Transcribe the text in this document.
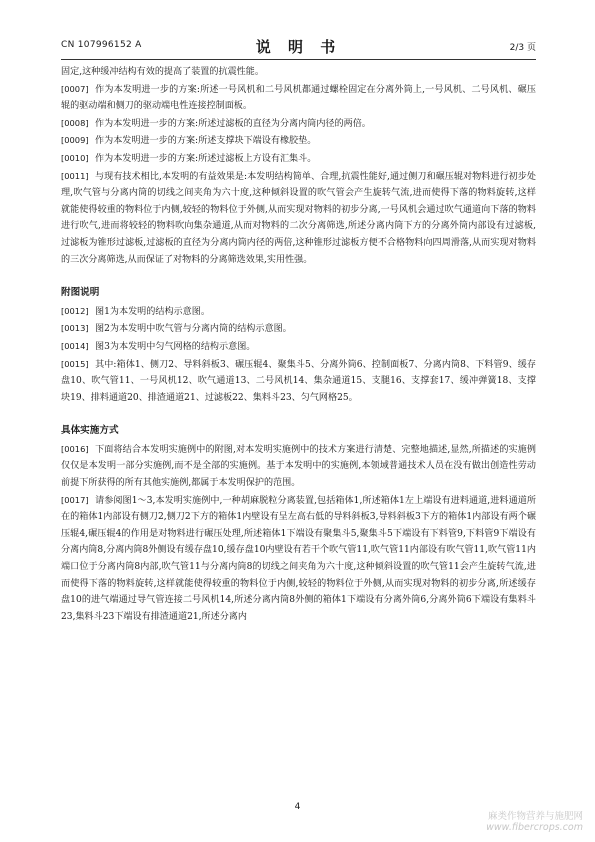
CN 107996152 A	说 明 书	2/3 页

固定,这种缓冲结构有效的提高了装置的抗震性能。

[0007] 作为本发明进一步的方案:所述一号风机和二号风机都通过螺栓固定在分离外筒上,一号风机、二号风机、碾压辊的驱动端和侧刀的驱动端电性连接控制面板。

[0008] 作为本发明进一步的方案:所述过滤板的直径为分离内筒内径的两倍。

[0009] 作为本发明进一步的方案:所述支撑块下端设有橡胶垫。

[0010] 作为本发明进一步的方案:所述过滤板上方设有汇集斗。

[0011] 与现有技术相比,本发明的有益效果是:本发明结构简单、合理,抗震性能好,通过侧刀和碾压辊对物料进行初步处理,吹气管与分离内筒的切线之间夹角为六十度,这种倾斜设置的吹气管会产生旋转气流,进而使得下落的物料旋转,这样就能使得较重的物料位于内侧,较轻的物料位于外侧,从而实现对物料的初步分离,一号风机会通过吹气通道向下落的物料进行吹气,进而将较轻的物料吹向集杂通道,从而对物料的二次分离筛选,所述分离内筒下方的分离外筒内部设有过滤板,过滤板为锥形过滤板,过滤板的直径为分离内筒内径的两倍,这种锥形过滤板方便不合格物料向四周滑落,从而实现对物料的三次分离筛选,从而保证了对物料的分离筛选效果,实用性强。

附图说明

[0012] 图1为本发明的结构示意图。

[0013] 图2为本发明中吹气管与分离内筒的结构示意图。

[0014] 图3为本发明中匀气网格的结构示意图。

[0015] 其中:箱体1、侧刀2、导料斜板3、碾压辊4、聚集斗5、分离外筒6、控制面板7、分离内筒8、下料管9、缓存盘10、吹气管11、一号风机12、吹气通道13、二号风机14、集杂通道15、支腿16、支撑套17、缓冲弹簧18、支撑块19、排料通道20、排渣通道21、过滤板22、集料斗23、匀气网格25。

具体实施方式

[0016] 下面将结合本发明实施例中的附图,对本发明实施例中的技术方案进行清楚、完整地描述,显然,所描述的实施例仅仅是本发明一部分实施例,而不是全部的实施例。基于本发明中的实施例,本领域普通技术人员在没有做出创造性劳动前提下所获得的所有其他实施例,都属于本发明保护的范围。

[0017] 请参阅图1～3,本发明实施例中,一种胡麻脱粒分离装置,包括箱体1,所述箱体1左上端设有进料通道,进料通道所在的箱体1内部设有侧刀2,侧刀2下方的箱体1内壁设有呈左高右低的导料斜板3,导料斜板3下方的箱体1内部设有两个碾压辊4,碾压辊4的作用是对物料进行碾压处理,所述箱体1下端设有聚集斗5,聚集斗5下端设有下料管9,下料管9下端设有分离内筒8,分离内筒8外侧设有缓存盘10,缓存盘10内壁设有若干个吹气管11,吹气管11内部设有吹气管11,吹气管11内端口位于分离内筒8内部,吹气管11与分离内筒8的切线之间夹角为六十度,这种倾斜设置的吹气管11会产生旋转气流,进而使得下落的物料旋转,这样就能使得较重的物料位于内侧,较轻的物料位于外侧,从而实现对物料的初步分离,所述缓存盘10的进气端通过导气管连接二号风机14,所述分离内筒8外侧的箱体1下端设有分离外筒6,分离外筒6下端设有集料斗23,集料斗23下端设有排渣通道21,所述分离内

4
麻类作物营养与施肥网
www.fibercrops.com
